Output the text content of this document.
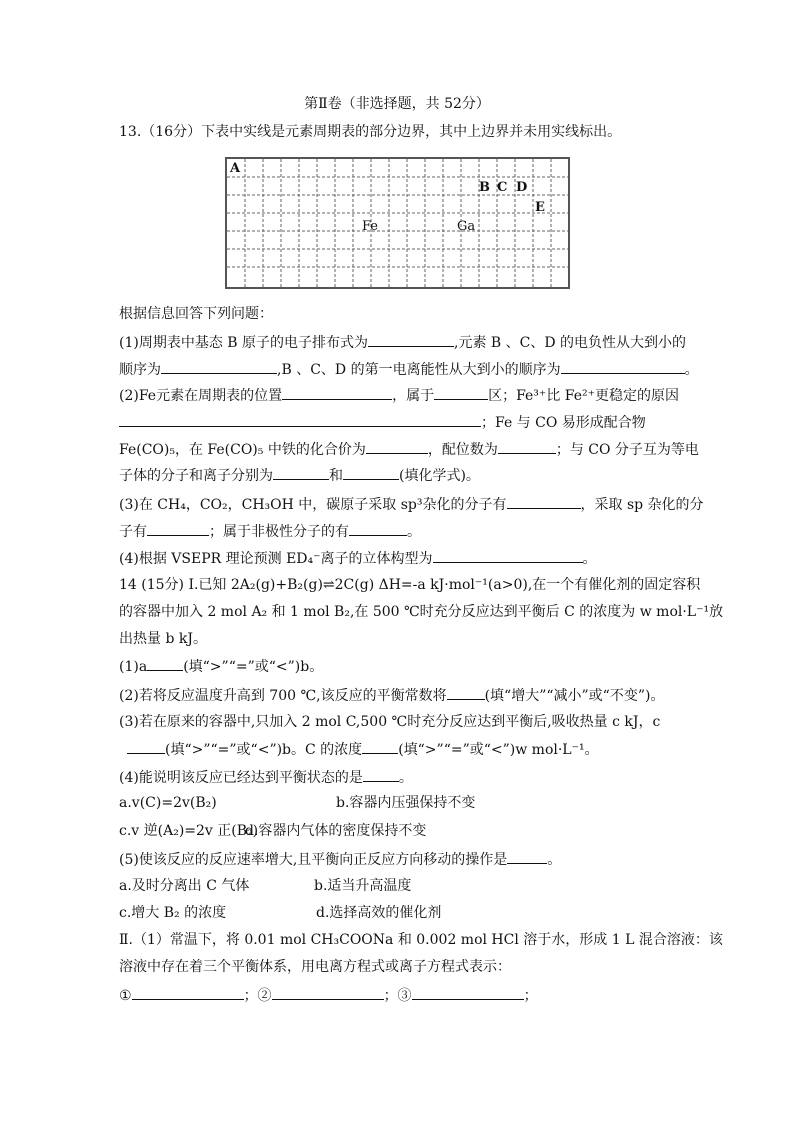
第Ⅱ卷（非选择题，共 52分）
13.（16分）下表中实线是元素周期表的部分边界，其中上边界并未用实线标出。
A
B C D
E
Fe	Ga
根据信息回答下列问题：
(1)周期表中基态 B 原子的电子排布式为	,元素 B 、C、D 的电负性从大到小的
顺序为	,B 、C、D 的第一电离能性从大到小的顺序为	。
(2)Fe元素在周期表的位置	，属于	区；Fe³⁺比 Fe²⁺更稳定的原因
；Fe 与 CO 易形成配合物
Fe(CO)₅，在 Fe(CO)₅ 中铁的化合价为	，配位数为	；与 CO 分子互为等电
子体的分子和离子分别为	和	(填化学式)。
(3)在 CH₄，CO₂，CH₃OH 中，碳原子采取 sp³杂化的分子有	，采取 sp 杂化的分
子有	；属于非极性分子的有	。
(4)根据 VSEPR 理论预测 ED₄⁻离子的立体构型为	。
14 (15分) Ⅰ.已知 2A₂(g)+B₂(g)⇌2C(g) ΔH=-a kJ·mol⁻¹(a>0),在一个有催化剂的固定容积
的容器中加入 2 mol A₂ 和 1 mol B₂,在 500 ℃时充分反应达到平衡后 C 的浓度为 w mol·L⁻¹放
出热量 b kJ。
(1)a	(填“>”“=”或“<”)b。
(2)若将反应温度升高到 700 ℃,该反应的平衡常数将	(填“增大”“减小”或“不变”)。
(3)若在原来的容器中,只加入 2 mol C,500 ℃时充分反应达到平衡后,吸收热量 c kJ，c
(填“>”“=”或“<”)b。C 的浓度	(填“>”“=”或“<”)w mol·L⁻¹。
(4)能说明该反应已经达到平衡状态的是	。
a.v(C)=2v(B₂)	b.容器内压强保持不变
c.v 逆(A₂)=2v 正(B₂)
d.容器内气体的密度保持不变
(5)使该反应的反应速率增大,且平衡向正反应方向移动的操作是	。
a.及时分离出 C 气体	b.适当升高温度
c.增大 B₂ 的浓度	d.选择高效的催化剂
Ⅱ.（1）常温下，将 0.01 mol CH₃COONa 和 0.002 mol HCl 溶于水，形成 1 L 混合溶液：该
溶液中存在着三个平衡体系，用电离方程式或离子方程式表示：
①	；②	；③	；
